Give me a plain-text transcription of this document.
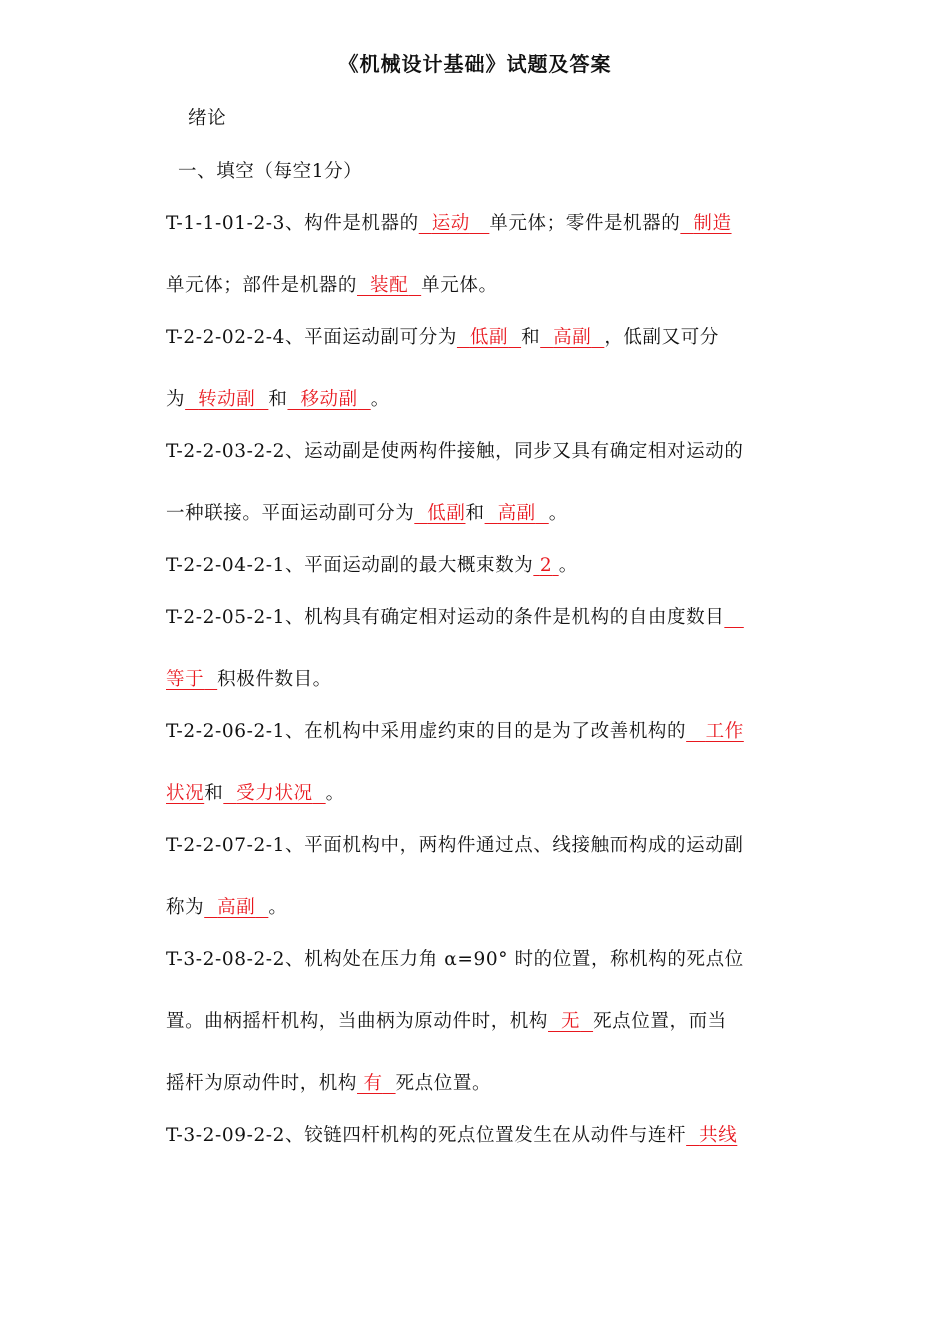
《机械设计基础》试题及答案
绪论
一、填空（每空1分）
T-1-1-01-2-3、构件是机器的 运动 单元体；零件是机器的 制造
单元体；部件是机器的 装配 单元体。
T-2-2-02-2-4、平面运动副可分为 低副 和 高副 ，低副又可分
为 转动副 和 移动副 。
T-2-2-03-2-2、运动副是使两构件接触，同步又具有确定相对运动的
一种联接。平面运动副可分为 低副和 高副 。
T-2-2-04-2-1、平面运动副的最大概束数为 2 。
T-2-2-05-2-1、机构具有确定相对运动的条件是机构的自由度数目
等于 积极件数目。
T-2-2-06-2-1、在机构中采用虚约束的目的是为了改善机构的 工作
状况和 受力状况 。
T-2-2-07-2-1、平面机构中，两构件通过点、线接触而构成的运动副
称为 高副 。
T-3-2-08-2-2、机构处在压力角 α=90° 时的位置，称机构的死点位
置。曲柄摇杆机构，当曲柄为原动件时，机构 无 死点位置，而当
摇杆为原动件时，机构 有 死点位置。
T-3-2-09-2-2、铰链四杆机构的死点位置发生在从动件与连杆 共线
